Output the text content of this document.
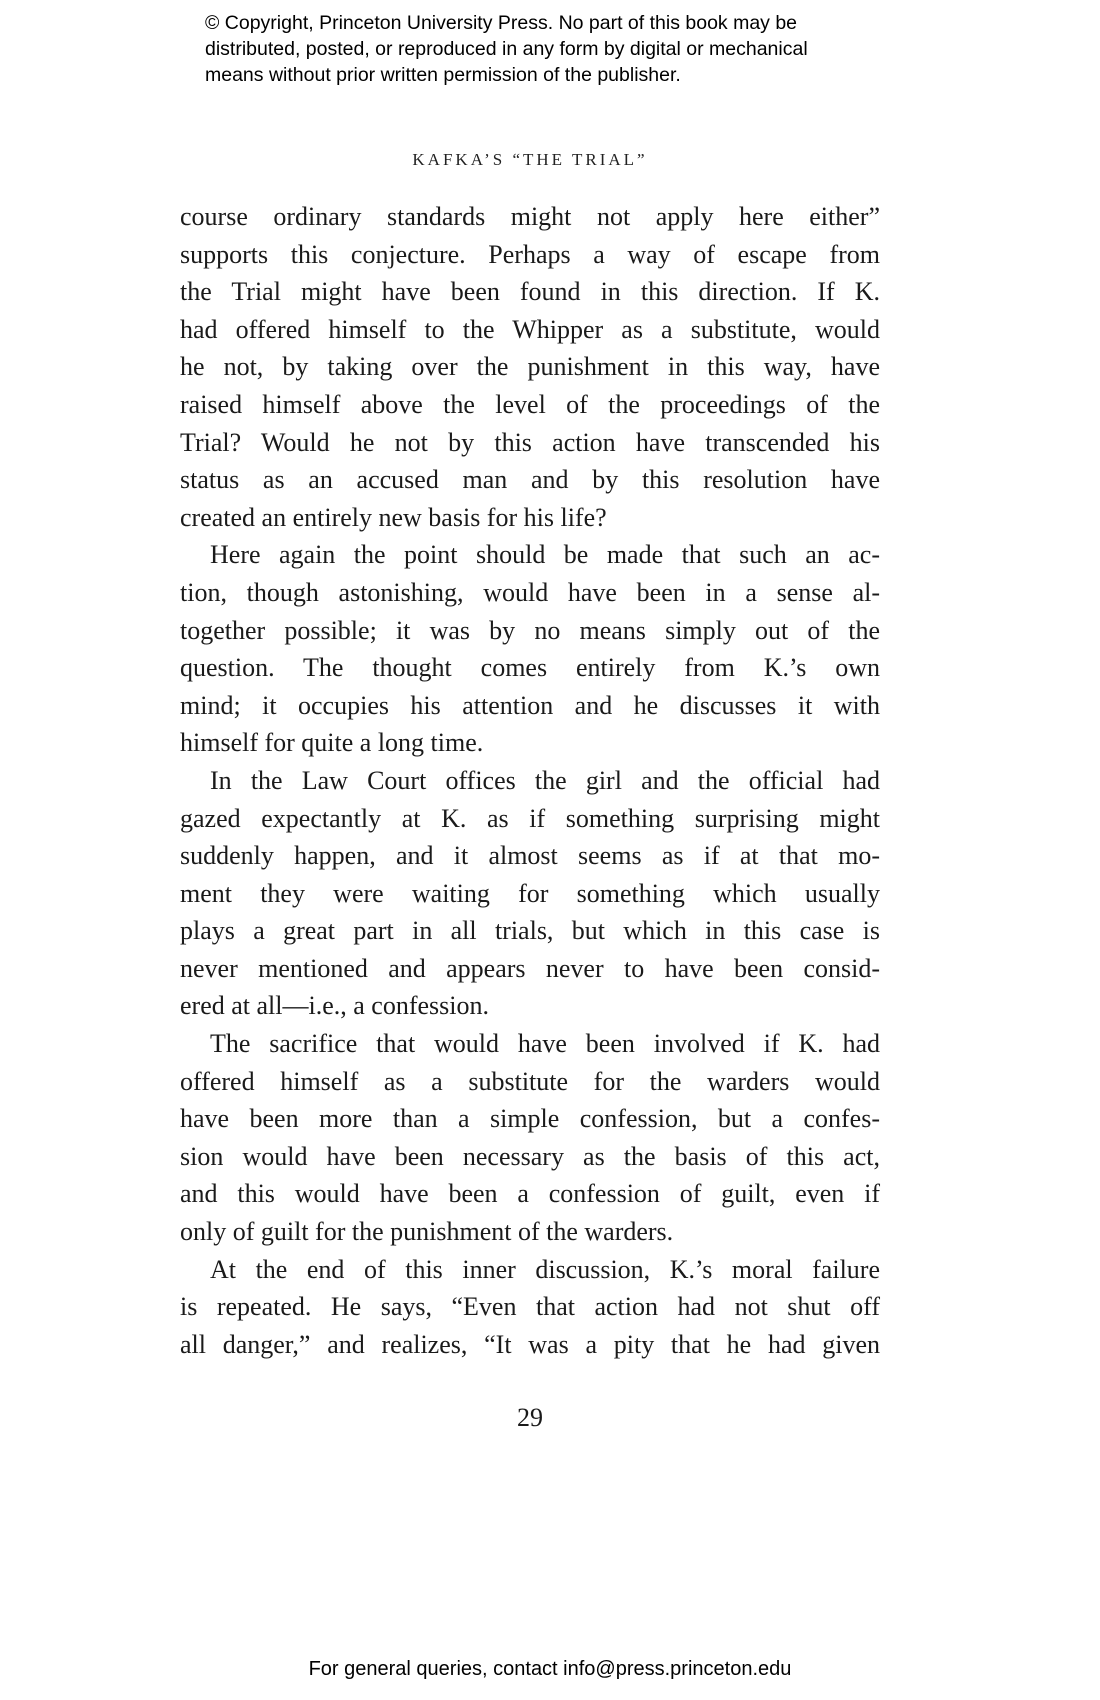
© Copyright, Princeton University Press. No part of this book may be
distributed, posted, or reproduced in any form by digital or mechanical
means without prior written permission of the publisher.
KAFKA’S “THE TRIAL”
course ordinary standards might not apply here either”
supports this conjecture. Perhaps a way of escape from
the Trial might have been found in this direction. If K.
had offered himself to the Whipper as a substitute, would
he not, by taking over the punishment in this way, have
raised himself above the level of the proceedings of the
Trial? Would he not by this action have transcended his
status as an accused man and by this resolution have
created an entirely new basis for his life?
Here again the point should be made that such an ac-
tion, though astonishing, would have been in a sense al-
together possible; it was by no means simply out of the
question. The thought comes entirely from K.’s own
mind; it occupies his attention and he discusses it with
himself for quite a long time.
In the Law Court offices the girl and the official had
gazed expectantly at K. as if something surprising might
suddenly happen, and it almost seems as if at that mo-
ment they were waiting for something which usually
plays a great part in all trials, but which in this case is
never mentioned and appears never to have been consid-
ered at all—i.e., a confession.
The sacrifice that would have been involved if K. had
offered himself as a substitute for the warders would
have been more than a simple confession, but a confes-
sion would have been necessary as the basis of this act,
and this would have been a confession of guilt, even if
only of guilt for the punishment of the warders.
At the end of this inner discussion, K.’s moral failure
is repeated. He says, “Even that action had not shut off
all danger,” and realizes, “It was a pity that he had given
29
For general queries, contact info@press.princeton.edu
